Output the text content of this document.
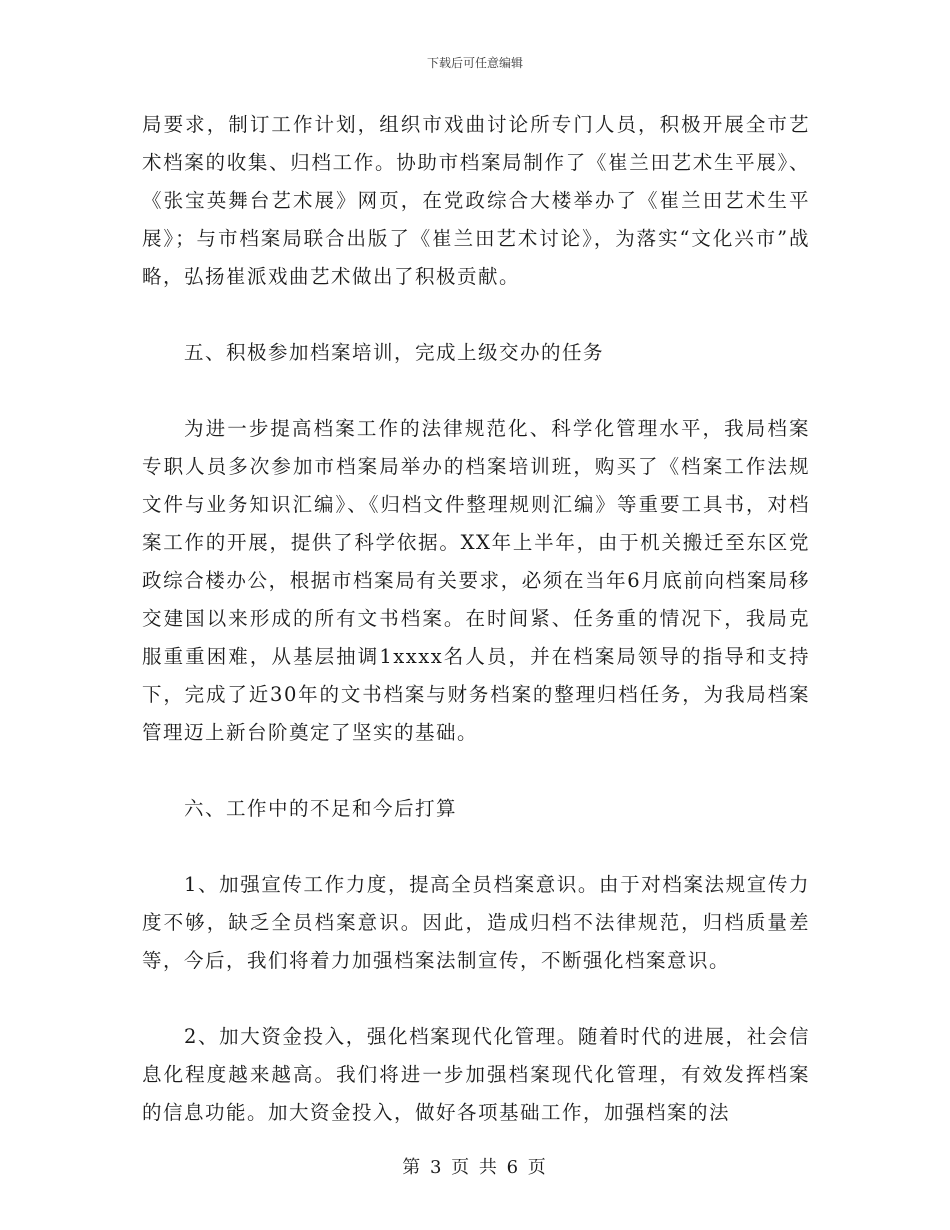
下载后可任意编辑

局要求，制订工作计划，组织市戏曲讨论所专门人员，积极开展全市艺术档案的收集、归档工作。协助市档案局制作了《崔兰田艺术生平展》、《张宝英舞台艺术展》网页，在党政综合大楼举办了《崔兰田艺术生平展》；与市档案局联合出版了《崔兰田艺术讨论》，为落实“文化兴市”战略，弘扬崔派戏曲艺术做出了积极贡献。

五、积极参加档案培训，完成上级交办的任务

为进一步提高档案工作的法律规范化、科学化管理水平，我局档案专职人员多次参加市档案局举办的档案培训班，购买了《档案工作法规文件与业务知识汇编》、《归档文件整理规则汇编》等重要工具书，对档案工作的开展，提供了科学依据。XX年上半年，由于机关搬迁至东区党政综合楼办公，根据市档案局有关要求，必须在当年6月底前向档案局移交建国以来形成的所有文书档案。在时间紧、任务重的情况下，我局克服重重困难，从基层抽调1xxxx名人员，并在档案局领导的指导和支持下，完成了近30年的文书档案与财务档案的整理归档任务，为我局档案管理迈上新台阶奠定了坚实的基础。

六、工作中的不足和今后打算

1、加强宣传工作力度，提高全员档案意识。由于对档案法规宣传力度不够，缺乏全员档案意识。因此，造成归档不法律规范，归档质量差等，今后，我们将着力加强档案法制宣传，不断强化档案意识。

2、加大资金投入，强化档案现代化管理。随着时代的进展，社会信息化程度越来越高。我们将进一步加强档案现代化管理，有效发挥档案的信息功能。加大资金投入，做好各项基础工作，加强档案的法

第 3 页 共 6 页
